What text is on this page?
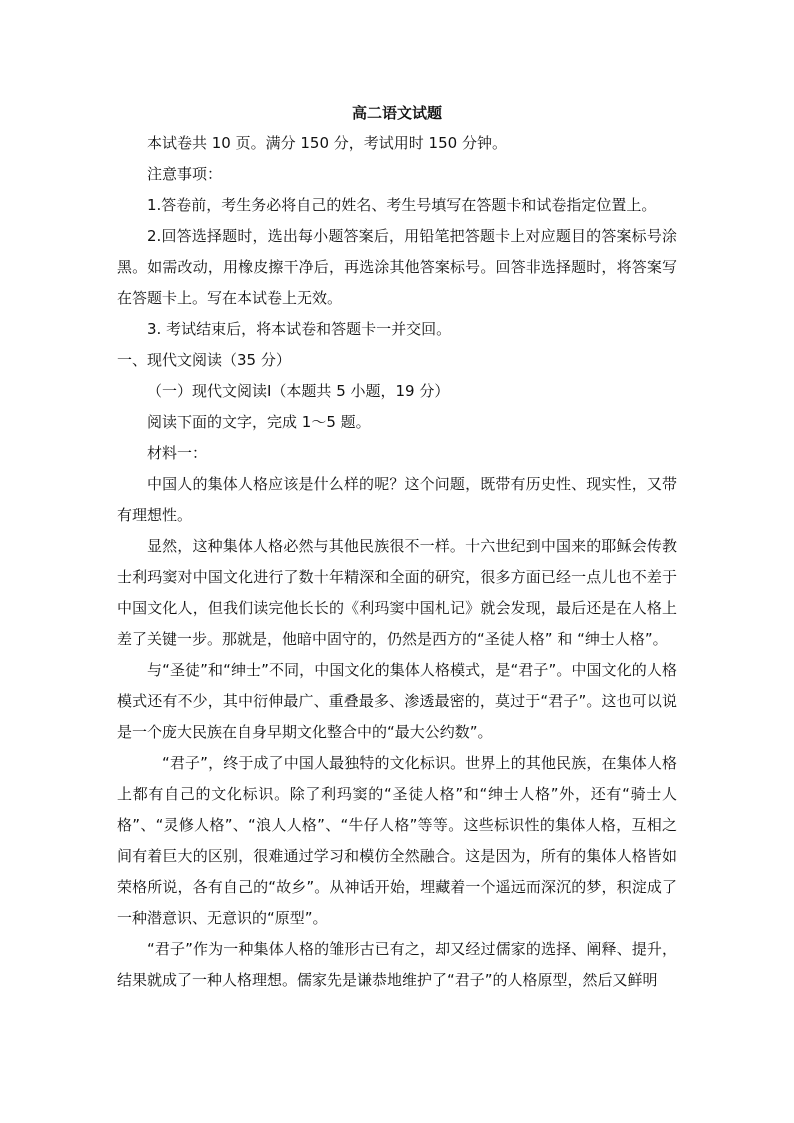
高二语文试题

本试卷共 10 页。满分 150 分，考试用时 150 分钟。

注意事项：

1.答卷前，考生务必将自己的姓名、考生号填写在答题卡和试卷指定位置上。

2.回答选择题时，选出每小题答案后，用铅笔把答题卡上对应题目的答案标号涂黑。如需改动，用橡皮擦干净后，再选涂其他答案标号。回答非选择题时，将答案写在答题卡上。写在本试卷上无效。

3. 考试结束后，将本试卷和答题卡一并交回。

一、现代文阅读（35 分）

（一）现代文阅读Ⅰ（本题共 5 小题，19 分）

阅读下面的文字，完成 1～5 题。

材料一：

中国人的集体人格应该是什么样的呢？这个问题，既带有历史性、现实性，又带有理想性。

显然，这种集体人格必然与其他民族很不一样。十六世纪到中国来的耶稣会传教士利玛窦对中国文化进行了数十年精深和全面的研究，很多方面已经一点儿也不差于中国文化人，但我们读完他长长的《利玛窦中国札记》就会发现，最后还是在人格上差了关键一步。那就是，他暗中固守的，仍然是西方的“圣徒人格” 和 “绅士人格”。

与“圣徒”和“绅士”不同，中国文化的集体人格模式，是“君子”。中国文化的人格模式还有不少，其中衍伸最广、重叠最多、渗透最密的，莫过于“君子”。这也可以说是一个庞大民族在自身早期文化整合中的“最大公约数”。

“君子”，终于成了中国人最独特的文化标识。世界上的其他民族，在集体人格上都有自己的文化标识。除了利玛窦的“圣徒人格”和“绅士人格”外，还有“骑士人格”、“灵修人格”、“浪人人格”、“牛仔人格”等等。这些标识性的集体人格，互相之间有着巨大的区别，很难通过学习和模仿全然融合。这是因为，所有的集体人格皆如荣格所说，各有自己的“故乡”。从神话开始，埋藏着一个遥远而深沉的梦，积淀成了一种潜意识、无意识的“原型”。

“君子”作为一种集体人格的雏形古已有之，却又经过儒家的选择、阐释、提升，结果就成了一种人格理想。儒家先是谦恭地维护了“君子”的人格原型，然后又鲜明
